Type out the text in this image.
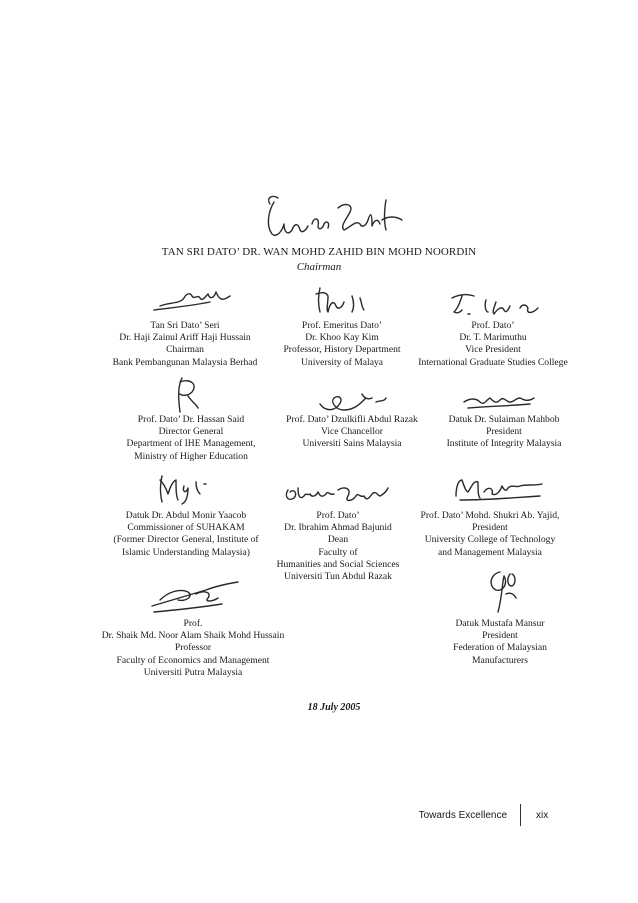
TAN SRI DATO’ DR. WAN MOHD ZAHID BIN MOHD NOORDIN
Chairman
Tan Sri Dato’ Seri
Dr. Haji Zainul Ariff Haji Hussain
Chairman
Bank Pembangunan Malaysia Berhad
Prof. Emeritus Dato’
Dr. Khoo Kay Kim
Professor, History Department
University of Malaya
Prof. Dato’
Dr. T. Marimuthu
Vice President
International Graduate Studies College
Prof. Dato’ Dr. Hassan Said
Director General
Department of IHE Management,
Ministry of Higher Education
Prof. Dato’ Dzulkifli Abdul Razak
Vice Chancellor
Universiti Sains Malaysia
Datuk Dr. Sulaiman Mahbob
President
Institute of Integrity Malaysia
Datuk Dr. Abdul Monir Yaacob
Commissioner of SUHAKAM
(Former Director General, Institute of
Islamic Understanding Malaysia)
Prof. Dato’
Dr. Ibrahim Ahmad Bajunid
Dean
Faculty of
Humanities and Social Sciences
Universiti Tun Abdul Razak
Prof. Dato’ Mohd. Shukri Ab. Yajid,
President
University College of Technology
and Management Malaysia
Prof.
Dr. Shaik Md. Noor Alam Shaik Mohd Hussain
Professor
Faculty of Economics and Management
Universiti Putra Malaysia
Datuk Mustafa Mansur
President
Federation of Malaysian
Manufacturers
18 July 2005
Towards Excellence	xix
